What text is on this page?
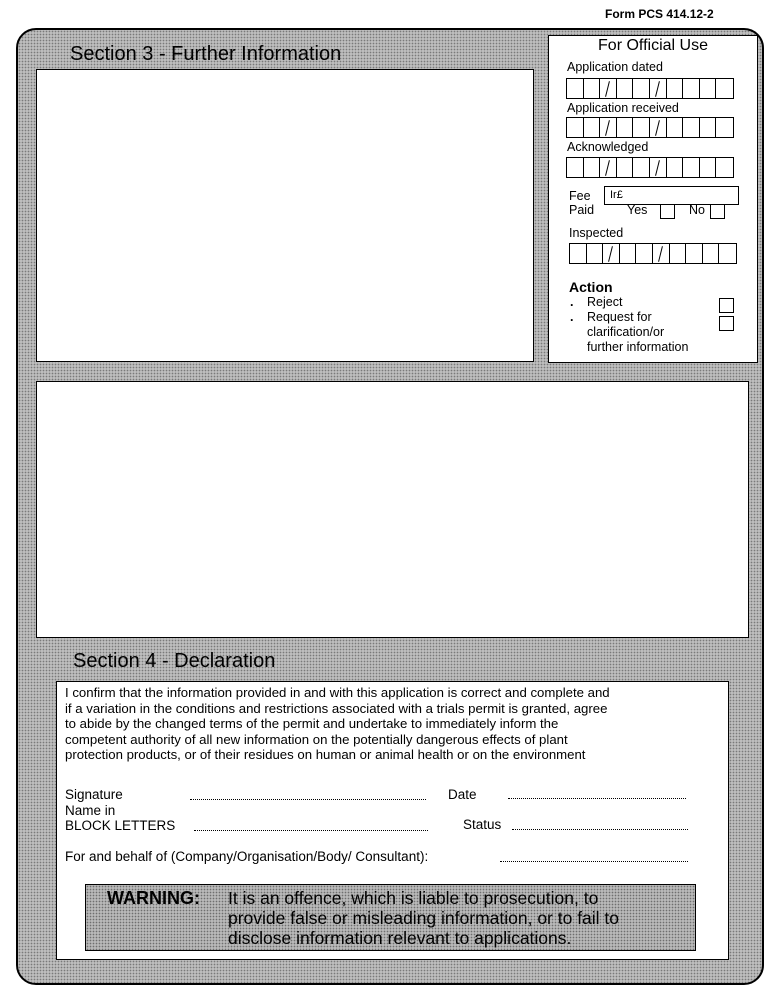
Form PCS 414.12-2
Section 3 - Further Information	For Official Use
Application dated
Application received
Acknowledged
Fee	Ir£
Paid	Yes	No
Inspected
Action
. Reject
. Request for
clarification/or
further information
Section 4 - Declaration
I confirm that the information provided in and with this application is correct and complete and
if a variation in the conditions and restrictions associated with a trials permit is granted, agree
to abide by the changed terms of the permit and undertake to immediately inform the
competent authority of all new information on the potentially dangerous effects of plant
protection products, or of their residues on human or animal health or on the environment
Signature	Date
Name in
BLOCK LETTERS	Status
For and behalf of (Company/Organisation/Body/ Consultant):
WARNING: It is an offence, which is liable to prosecution, to
provide false or misleading information, or to fail to
disclose information relevant to applications.
